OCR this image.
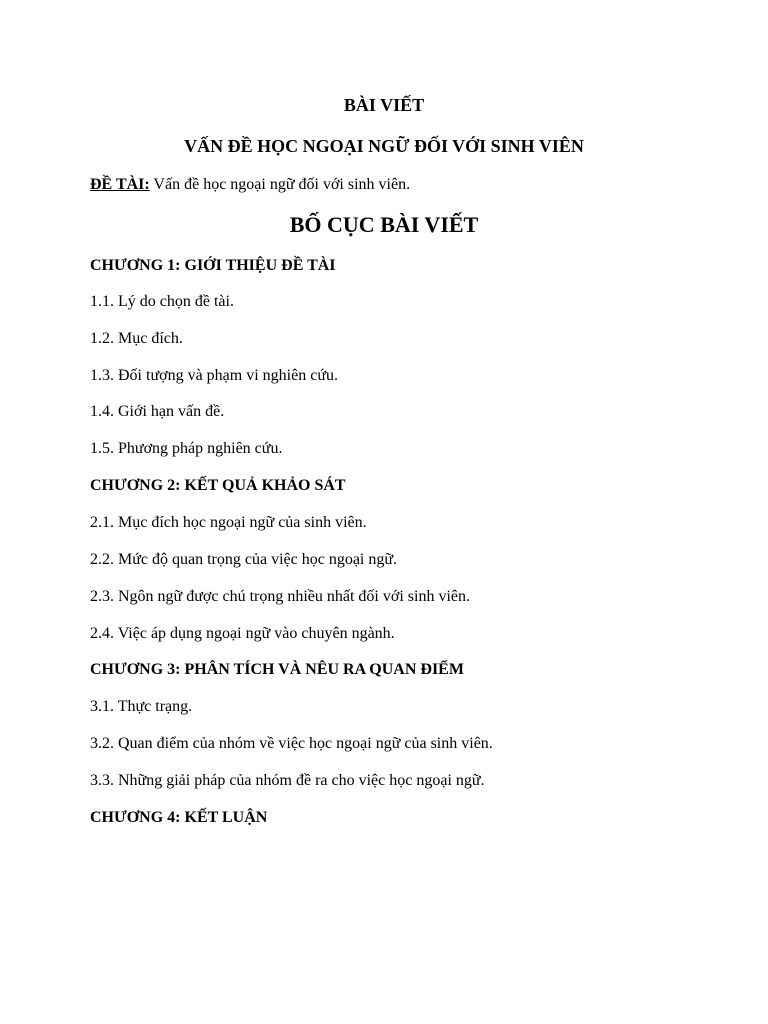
BÀI VIẾT
VẤN ĐỀ HỌC NGOẠI NGỮ ĐỐI VỚI SINH VIÊN
ĐỀ TÀI: Vấn đề học ngoại ngữ đối với sinh viên.
BỐ CỤC BÀI VIẾT
CHƯƠNG 1: GIỚI THIỆU ĐỀ TÀI
1.1. Lý do chọn đề tài.
1.2. Mục đích.
1.3. Đối tượng và phạm vi nghiên cứu.
1.4. Giới hạn vấn đề.
1.5. Phương pháp nghiên cứu.
CHƯƠNG 2: KẾT QUẢ KHẢO SÁT
2.1. Mục đích học ngoại ngữ của sinh viên.
2.2. Mức độ quan trọng của việc học ngoại ngữ.
2.3. Ngôn ngữ được chú trọng nhiều nhất đối với sinh viên.
2.4. Việc áp dụng ngoại ngữ vào chuyên ngành.
CHƯƠNG 3: PHÂN TÍCH VÀ NÊU RA QUAN ĐIỂM
3.1. Thực trạng.
3.2. Quan điểm của nhóm về việc học ngoại ngữ của sinh viên.
3.3. Những giải pháp của nhóm đề ra cho việc học ngoại ngữ.
CHƯƠNG 4: KẾT LUẬN
